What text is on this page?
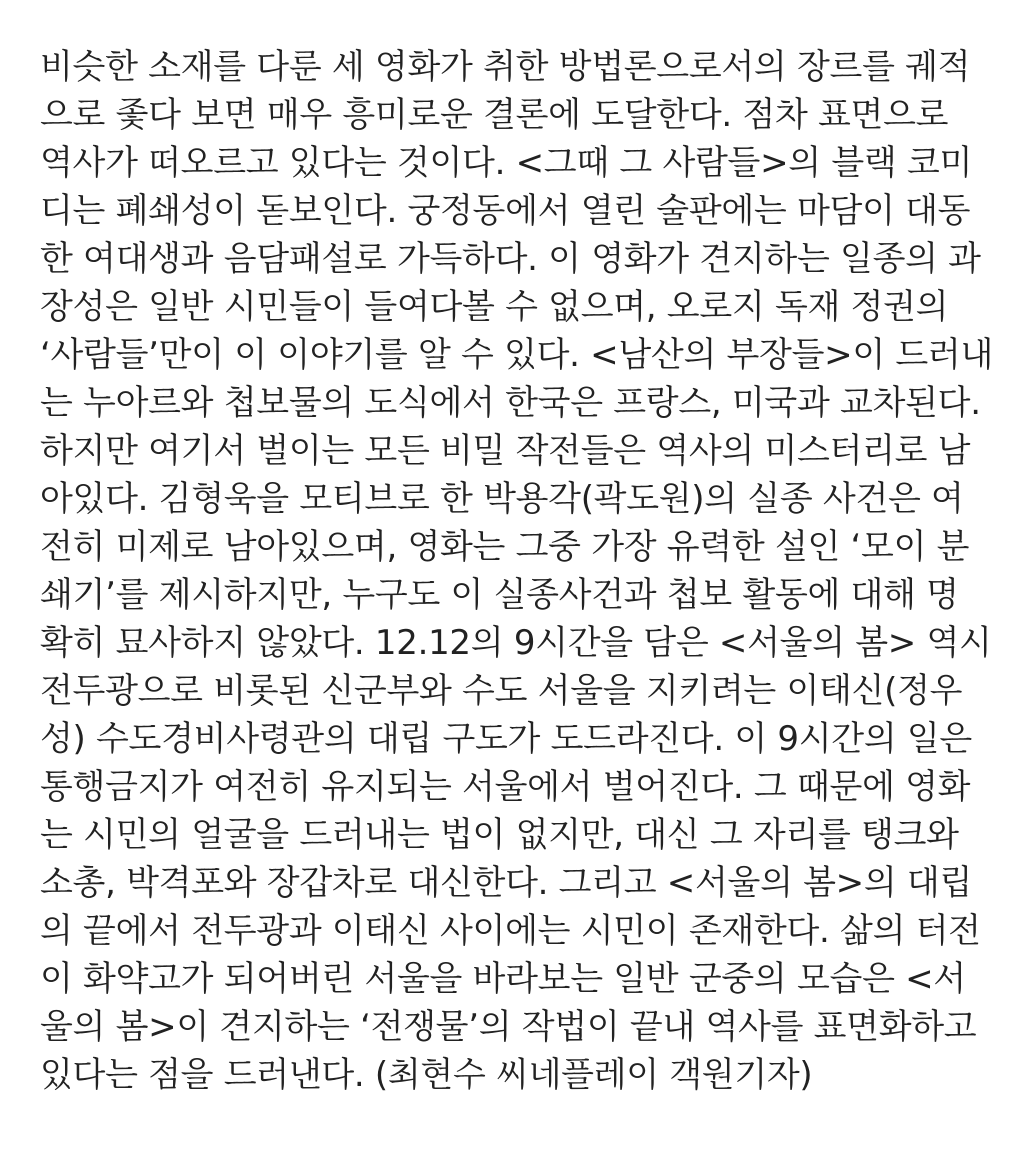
비슷한 소재를 다룬 세 영화가 취한 방법론으로서의 장르를 궤적
으로 좇다 보면 매우 흥미로운 결론에 도달한다. 점차 표면으로
역사가 떠오르고 있다는 것이다. <그때 그 사람들>의 블랙 코미
디는 폐쇄성이 돋보인다. 궁정동에서 열린 술판에는 마담이 대동
한 여대생과 음담패설로 가득하다. 이 영화가 견지하는 일종의 과
장성은 일반 시민들이 들여다볼 수 없으며, 오로지 독재 정권의
‘사람들’만이 이 이야기를 알 수 있다. <남산의 부장들>이 드러내
는 누아르와 첩보물의 도식에서 한국은 프랑스, 미국과 교차된다.
하지만 여기서 벌이는 모든 비밀 작전들은 역사의 미스터리로 남
아있다. 김형욱을 모티브로 한 박용각(곽도원)의 실종 사건은 여
전히 미제로 남아있으며, 영화는 그중 가장 유력한 설인 ‘모이 분
쇄기’를 제시하지만, 누구도 이 실종사건과 첩보 활동에 대해 명
확히 묘사하지 않았다. 12.12의 9시간을 담은 <서울의 봄> 역시
전두광으로 비롯된 신군부와 수도 서울을 지키려는 이태신(정우
성) 수도경비사령관의 대립 구도가 도드라진다. 이 9시간의 일은
통행금지가 여전히 유지되는 서울에서 벌어진다. 그 때문에 영화
는 시민의 얼굴을 드러내는 법이 없지만, 대신 그 자리를 탱크와
소총, 박격포와 장갑차로 대신한다. 그리고 <서울의 봄>의 대립
의 끝에서 전두광과 이태신 사이에는 시민이 존재한다. 삶의 터전
이 화약고가 되어버린 서울을 바라보는 일반 군중의 모습은 <서
울의 봄>이 견지하는 ‘전쟁물’의 작법이 끝내 역사를 표면화하고
있다는 점을 드러낸다. (최현수 씨네플레이 객원기자)
